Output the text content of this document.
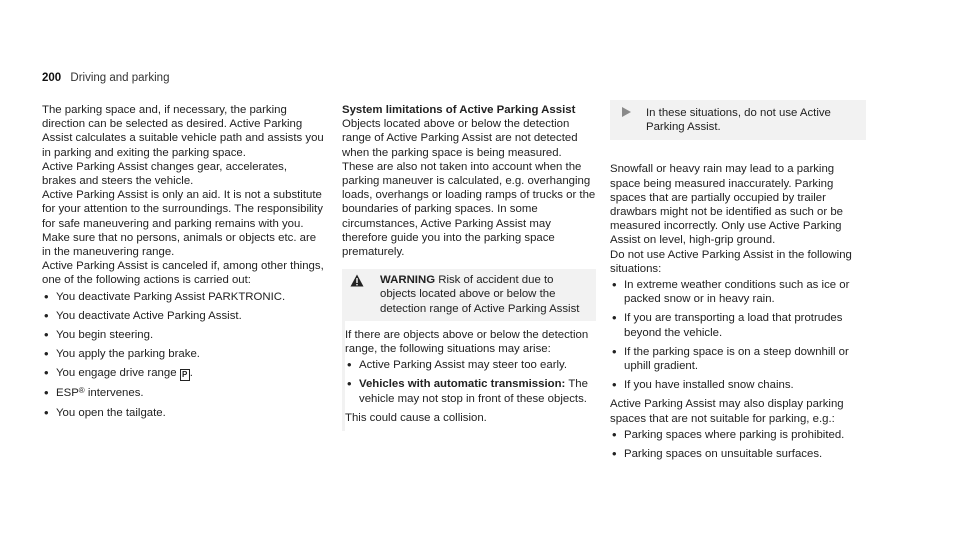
200 Driving and parking

The parking space and, if necessary, the parking direction can be selected as desired. Active Parking Assist calculates a suitable vehicle path and assists you in parking and exiting the parking space.

Active Parking Assist changes gear, accelerates, brakes and steers the vehicle.

Active Parking Assist is only an aid. It is not a substitute for your attention to the surroundings. The responsibility for safe maneuvering and parking remains with you. Make sure that no persons, animals or objects etc. are in the maneuvering range.

Active Parking Assist is canceled if, among other things, one of the following actions is carried out:

• You deactivate Parking Assist PARKTRONIC.
• You deactivate Active Parking Assist.
• You begin steering.
• You apply the parking brake.
• You engage drive range P .
• ESP® intervenes.
• You open the tailgate.

System limitations of Active Parking Assist

Objects located above or below the detection range of Active Parking Assist are not detected when the parking space is being measured. These are also not taken into account when the parking maneuver is calculated, e.g. overhanging loads, overhangs or loading ramps of trucks or the boundaries of parking spaces. In some circumstances, Active Parking Assist may therefore guide you into the parking space prematurely.

WARNING Risk of accident due to objects located above or below the detection range of Active Parking Assist

If there are objects above or below the detection range, the following situations may arise:

• Active Parking Assist may steer too early.
• Vehicles with automatic transmission: The vehicle may not stop in front of these objects.

This could cause a collision.

In these situations, do not use Active Parking Assist.

Snowfall or heavy rain may lead to a parking space being measured inaccurately. Parking spaces that are partially occupied by trailer drawbars might not be identified as such or be measured incorrectly. Only use Active Parking Assist on level, high-grip ground.

Do not use Active Parking Assist in the following situations:

• In extreme weather conditions such as ice or packed snow or in heavy rain.
• If you are transporting a load that protrudes beyond the vehicle.
• If the parking space is on a steep downhill or uphill gradient.
• If you have installed snow chains.

Active Parking Assist may also display parking spaces that are not suitable for parking, e.g.:

• Parking spaces where parking is prohibited.
• Parking spaces on unsuitable surfaces.
